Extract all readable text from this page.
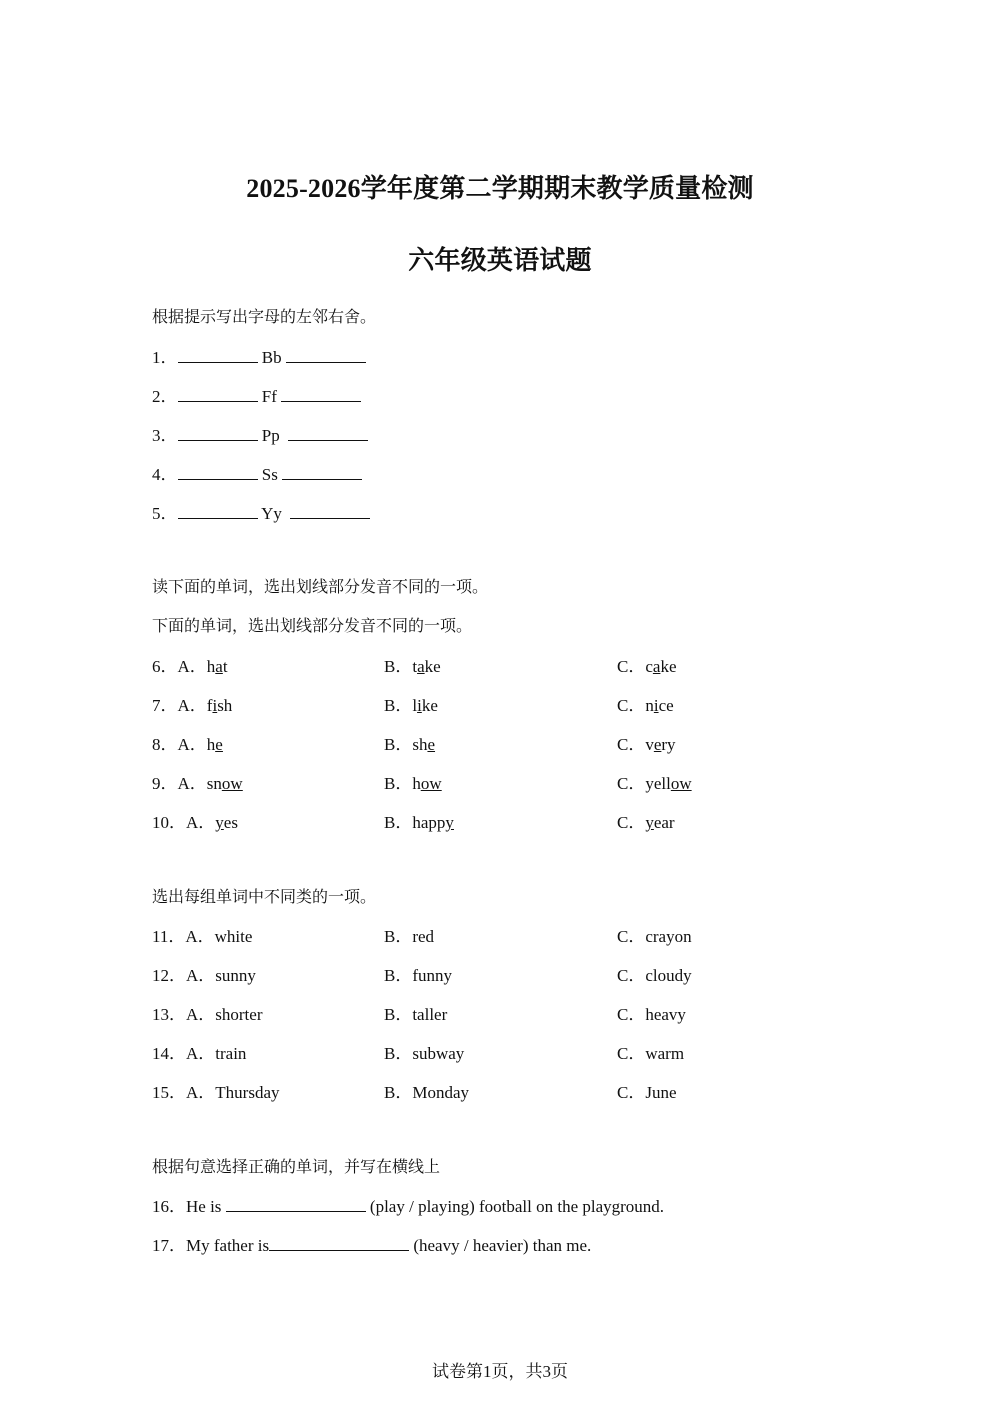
2025-2026学年度第二学期期末教学质量检测
六年级英语试题
根据提示写出字母的左邻右舍。
1．	Bb
2．	Ff
3．	Pp
4．	Ss
5．	Yy
读下面的单词，选出划线部分发音不同的一项。
下面的单词，选出划线部分发音不同的一项。
6．A．hat	B．take	C．cake
7．A．fish	B．like	C．nice
8．A．he	B．she	C．very
9．A．snow	B．how	C．yellow
10．A．yes	B．happy	C．year
选出每组单词中不同类的一项。
11．A．white	B．red	C．crayon
12．A．sunny	B．funny	C．cloudy
13．A．shorter	B．taller	C．heavy
14．A．train	B．subway	C．warm
15．A．Thursday	B．Monday	C．June
根据句意选择正确的单词，并写在横线上
16．He is	(play / playing) football on the playground.
17．My father is	(heavy / heavier) than me.
试卷第1页，共3页
